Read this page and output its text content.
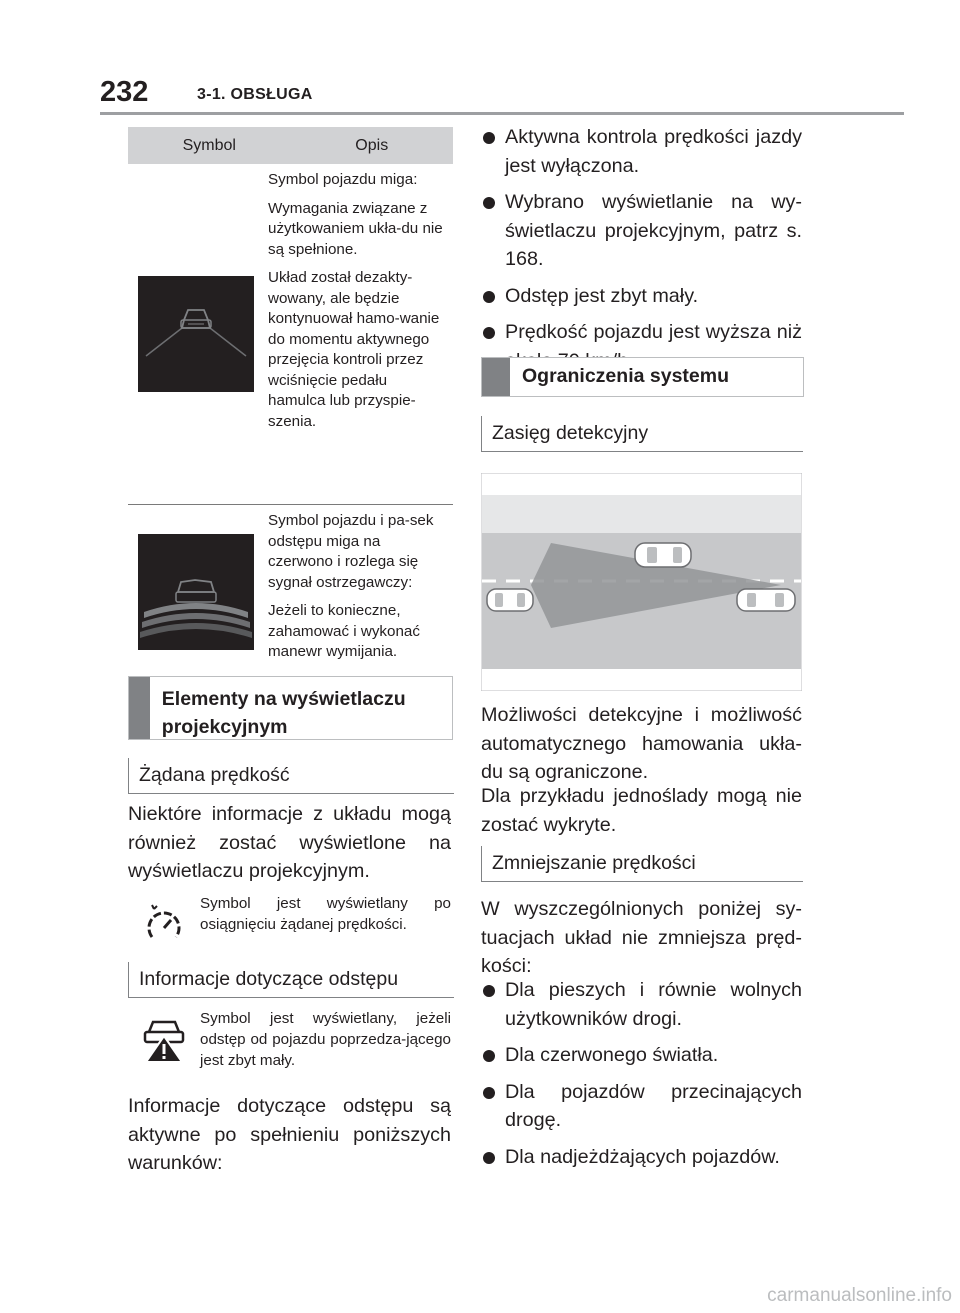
232	3-1. OBSŁUGA
Symbol	Opis

Symbol pojazdu miga:

Wymagania związane z użytkowaniem ukła-du nie są spełnione.

Układ został dezakty-wowany, ale będzie kontynuował hamo-wanie do momentu aktywnego przejęcia kontroli przez wciśnięcie pedału hamulca lub przyspie-szenia.

Symbol pojazdu i pa-sek odstępu miga na czerwono i rozlega się sygnał ostrzegawczy:

Jeżeli to konieczne, zahamować i wykonać manewr wymijania.

Elementy na wyświetlaczu projekcyjnym
Żądana prędkość

Niektóre informacje z układu mogą również zostać wyświetlone na wyświetlaczu projekcyjnym.

Symbol jest wyświetlany po osiągnięciu żądanej prędkości.
Informacje dotyczące odstępu
Symbol jest wyświetlany, jeżeli odstęp od pojazdu poprzedza-jącego jest zbyt mały.

Informacje dotyczące odstępu są aktywne po spełnieniu poniższych warunków:

Aktywna kontrola prędkości jazdy jest wyłączona.
Wybrano wyświetlanie na wy-świetlaczu projekcyjnym, patrz s. 168.
Odstęp jest zbyt mały.
Prędkość pojazdu jest wyższa niż
Ograniczenia systemu
Zasięg detekcyjny

Możliwości detekcyjne i możliwość automatycznego hamowania ukła-du są ograniczone.

Dla przykładu jednoślady mogą nie zostać wykryte.

Zmniejszanie prędkości

W wyszczególnionych poniżej sy-tuacjach układ nie zmniejsza pręd-kości:

Dla pieszych i równie wolnych użytkowników drogi.
Dla czerwonego światła.
Dla pojazdów przecinających drogę.
Dla nadjeżdżających pojazdów.
carmanualsonline.info
